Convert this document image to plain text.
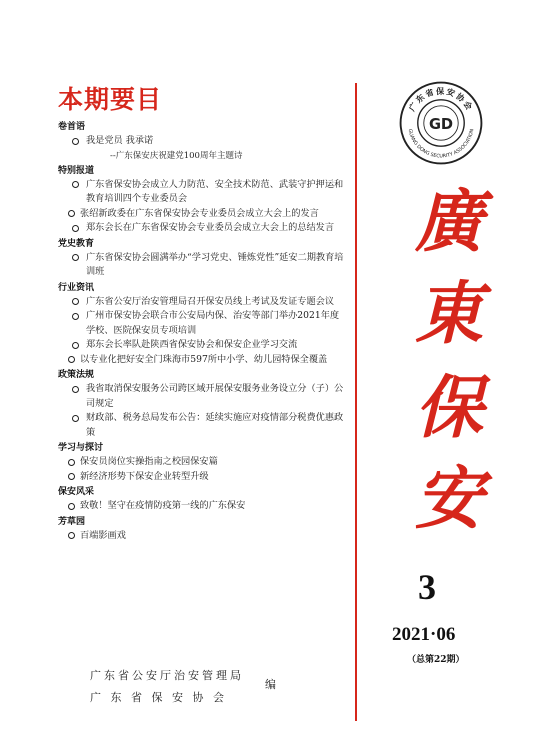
本期要目
卷首语
我是党员 我承诺
--广东保安庆祝建党100周年主题诗
特别报道
广东省保安协会成立人力防范、安全技术防范、武装守护押运和教育培训四个专业委员会
张绍新政委在广东省保安协会专业委员会成立大会上的发言
郑东会长在广东省保安协会专业委员会成立大会上的总结发言
党史教育
广东省保安协会圆满举办“学习党史、锤炼党性”延安二期教育培训班
行业资讯
广东省公安厅治安管理局召开保安员线上考试及发证专题会议
广州市保安协会联合市公安局内保、治安等部门举办2021年度学校、医院保安员专项培训
郑东会长率队赴陕西省保安协会和保安企业学习交流
以专业化把好安全门珠海市597所中小学、幼儿园特保全覆盖
政策法规
我省取消保安服务公司跨区域开展保安服务业务设立分（子）公司规定
财政部、税务总局发布公告：延续实施应对疫情部分税费优惠政策
学习与探讨
保安员岗位实操指南之校园保安篇
新经济形势下保安企业转型升级
保安风采
致敬！坚守在疫情防疫第一线的广东保安
芳草园
百端影画戏
广东省保安协会
GUANG DONG SECURITY ASSOCIATION
GD
廣
東
保
安
3
2021·06
（总第22期）
广东省公安厅治安管理局
广 东 省 保 安 协 会
编
